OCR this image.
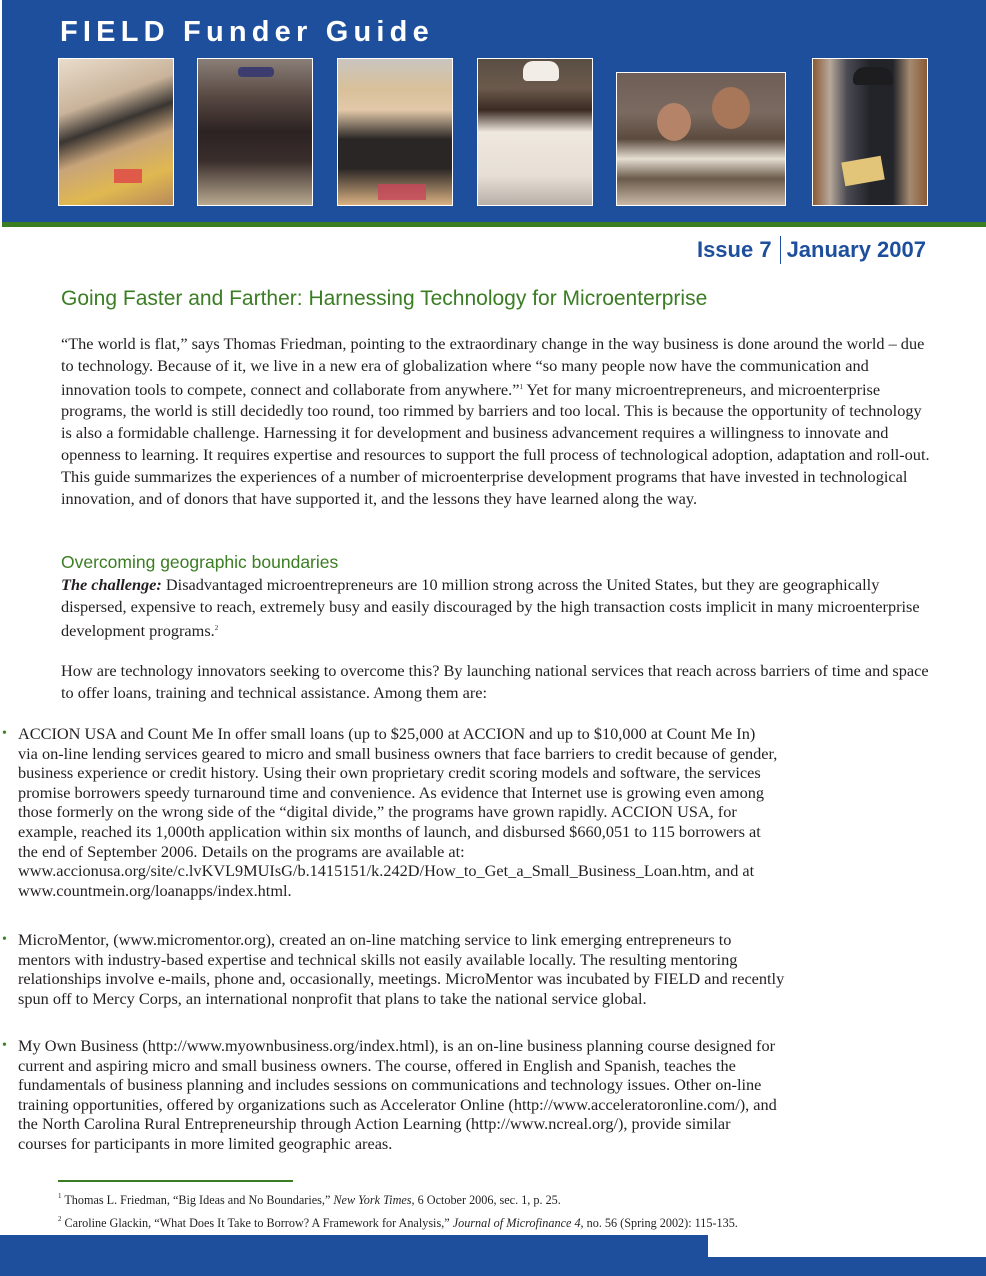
FIELD Funder Guide
Issue 7 January 2007
Going Faster and Farther: Harnessing Technology for Microenterprise

“The world is flat,” says Thomas Friedman, pointing to the extraordinary change in the way business is done around the world – due to technology. Because of it, we live in a new era of globalization where “so many people now have the communication and innovation tools to compete, connect and collaborate from anywhere.”$^1$ Yet for many microentrepreneurs, and microenterprise programs, the world is still decidedly too round, too rimmed by barriers and too local. This is because the opportunity of technology is also a formidable challenge. Harnessing it for development and business advancement requires a willingness to innovate and openness to learning. It requires expertise and resources to support the full process of technological adoption, adaptation and roll-out. This guide summarizes the experiences of a number of microenterprise development programs that have invested in technological innovation, and of donors that have supported it, and the lessons they have learned along the way.

Overcoming geographic boundaries

The challenge: Disadvantaged microentrepreneurs are 10 million strong across the United States, but they are geographically dispersed, expensive to reach, extremely busy and easily discouraged by the high transaction costs implicit in many microenterprise development programs.$^2$

How are technology innovators seeking to overcome this? By launching national services that reach across barriers of time and space to offer loans, training and technical assistance. Among them are:

• ACCION USA and Count Me In offer small loans (up to $25,000 at ACCION and up to $10,000 at Count Me In)
via on-line lending services geared to micro and small business owners that face barriers to credit because of gender,
business experience or credit history. Using their own proprietary credit scoring models and software, the services
promise borrowers speedy turnaround time and convenience. As evidence that Internet use is growing even among
those formerly on the wrong side of the “digital divide,” the programs have grown rapidly. ACCION USA, for
example, reached its 1,000th application within six months of launch, and disbursed $660,051 to 115 borrowers at
the end of September 2006. Details on the programs are available at:
www.accionusa.org/site/c.lvKVL9MUIsG/b.1415151/k.242D/How_to_Get_a_Small_Business_Loan.htm, and at
www.countmein.org/loanapps/index.html.
• MicroMentor, (www.micromentor.org), created an on-line matching service to link emerging entrepreneurs to
mentors with industry-based expertise and technical skills not easily available locally. The resulting mentoring
relationships involve e-mails, phone and, occasionally, meetings. MicroMentor was incubated by FIELD and recently
spun off to Mercy Corps, an international nonprofit that plans to take the national service global.
• My Own Business (http://www.myownbusiness.org/index.html), is an on-line business planning course designed for
current and aspiring micro and small business owners. The course, offered in English and Spanish, teaches the
fundamentals of business planning and includes sessions on communications and technology issues. Other on-line
training opportunities, offered by organizations such as Accelerator Online (http://www.acceleratoronline.com/), and
the North Carolina Rural Entrepreneurship through Action Learning (http://www.ncreal.org/), provide similar
courses for participants in more limited geographic areas.
$^1$ Thomas L. Friedman, “Big Ideas and No Boundaries,” New York Times, 6 October 2006, sec. 1, p. 25.
$^2$ Caroline Glackin, “What Does It Take to Borrow? A Framework for Analysis,” Journal of Microfinance 4, no. 56 (Spring 2002): 115-135.
